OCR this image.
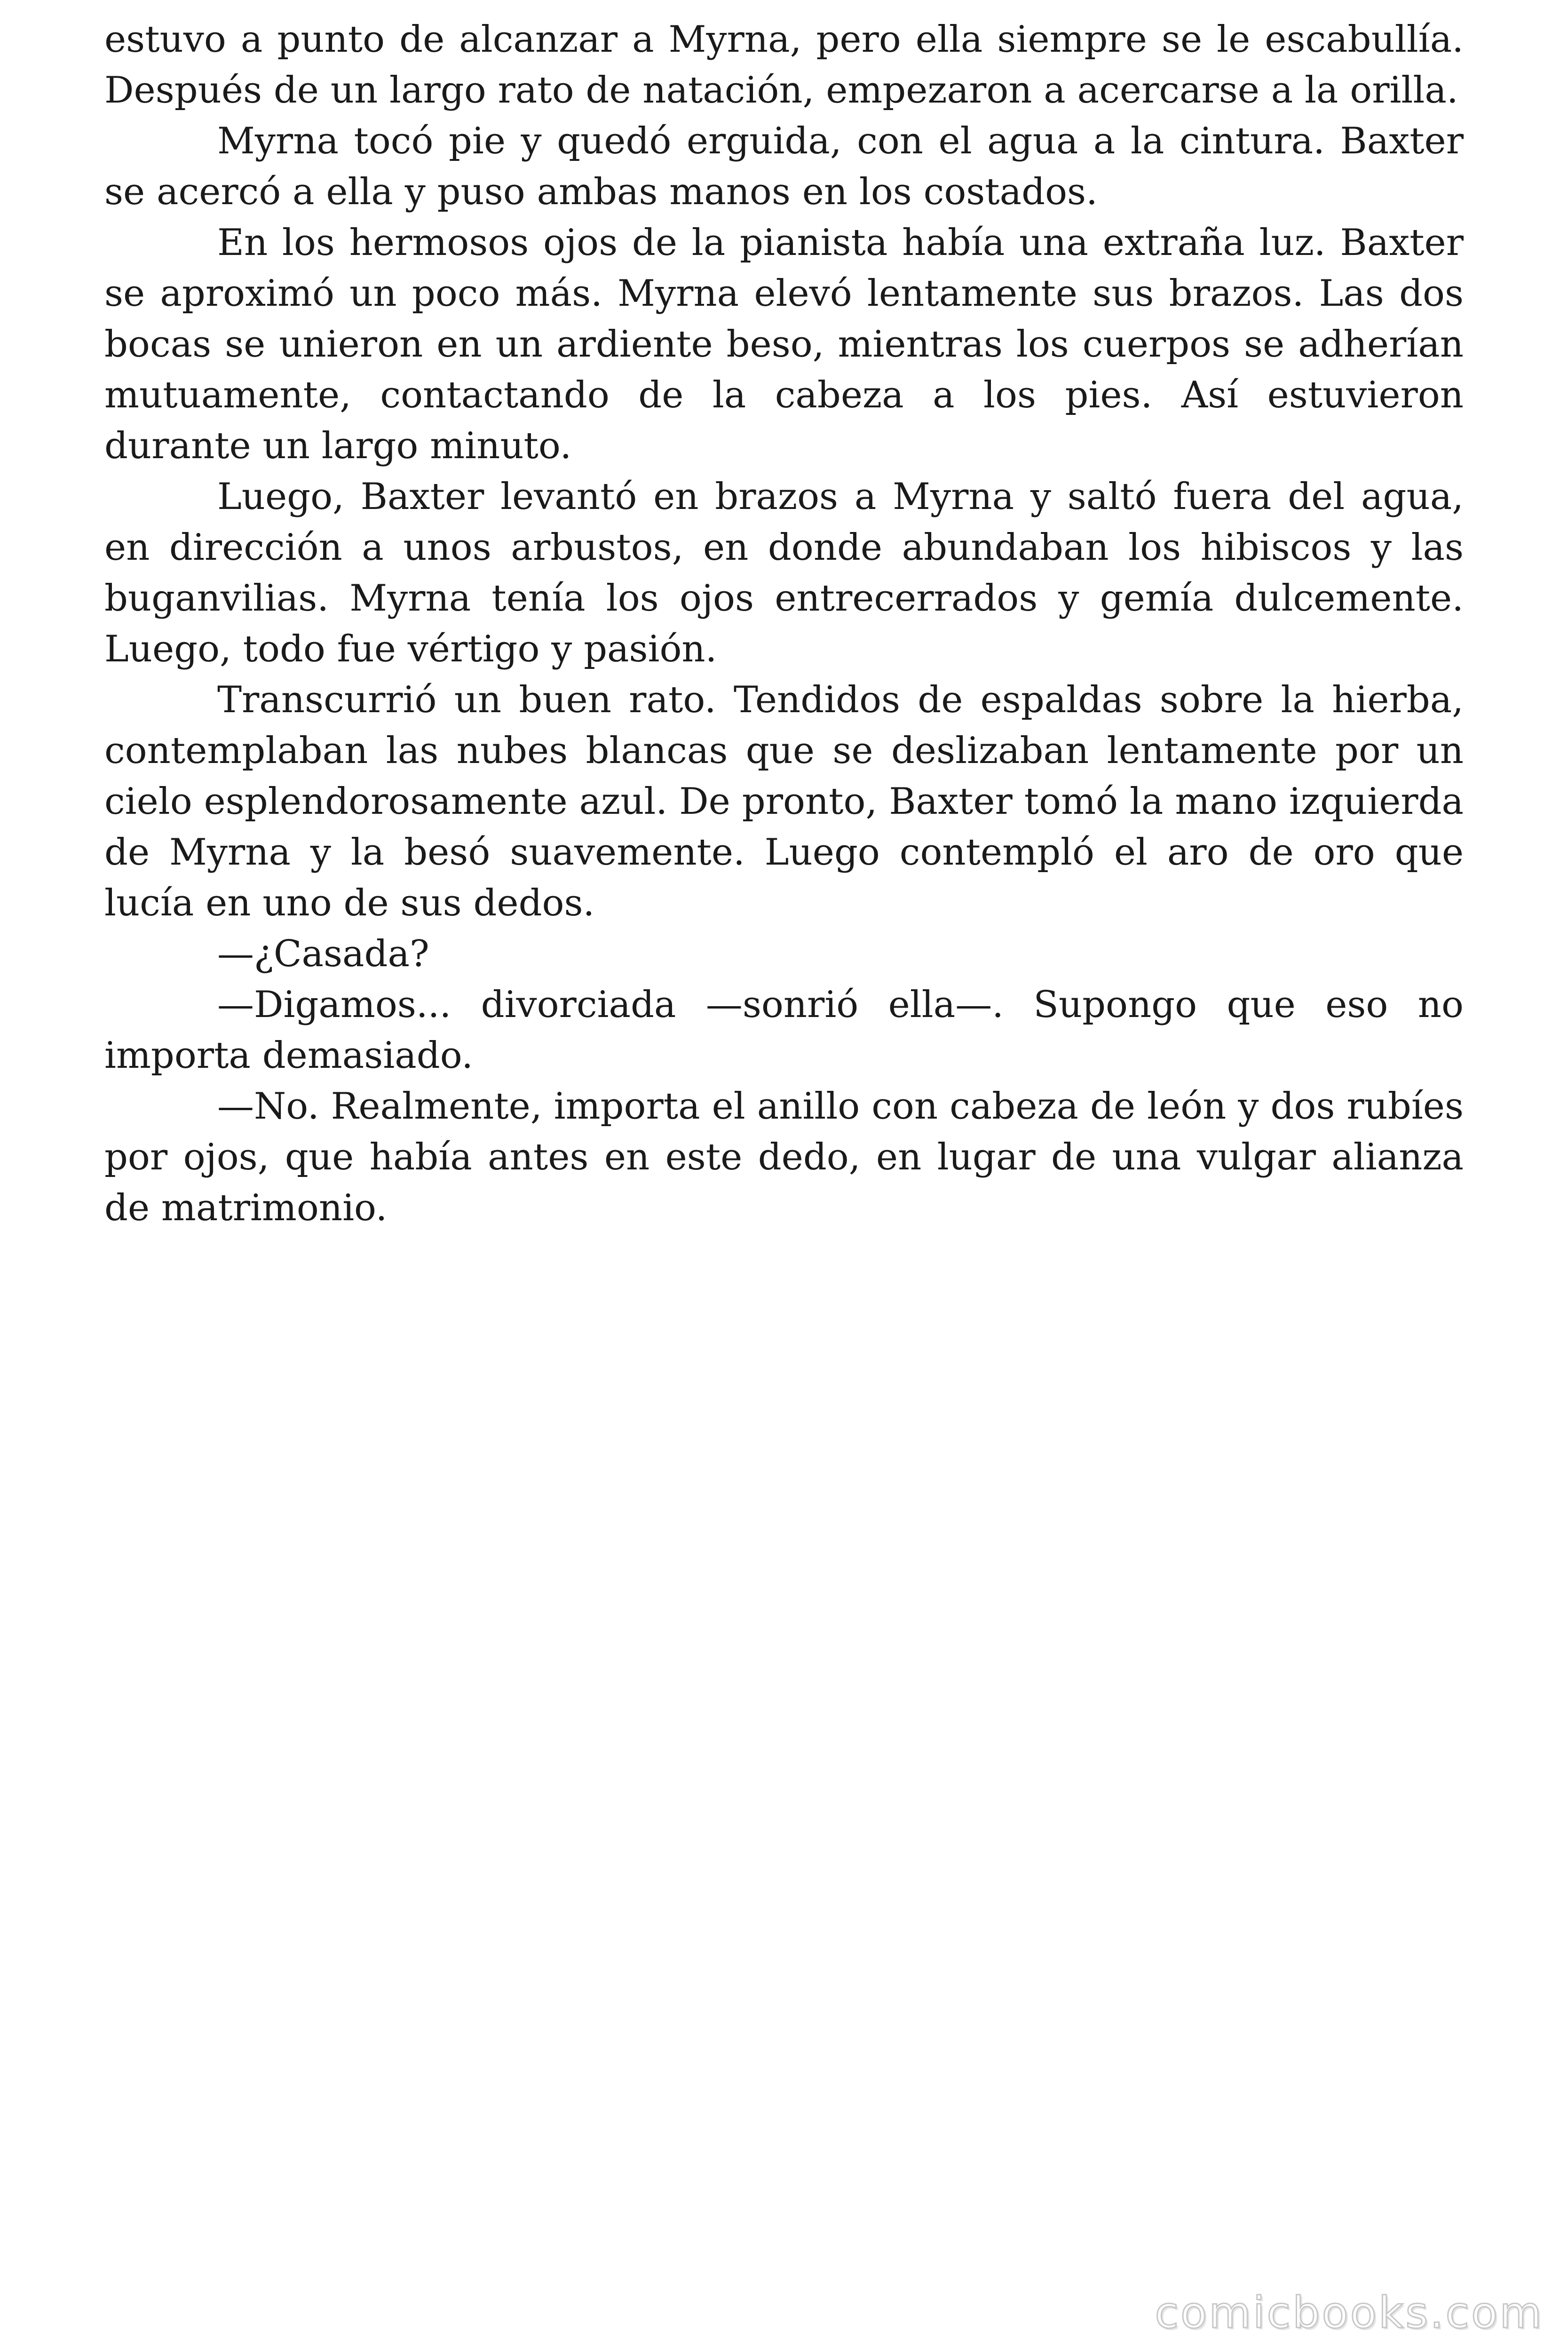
estuvo a punto de alcanzar a Myrna, pero ella siempre se le escabullía. Después de un largo rato de natación, empezaron a acercarse a la orilla.

Myrna tocó pie y quedó erguida, con el agua a la cintura. Baxter se acercó a ella y puso ambas manos en los costados.

En los hermosos ojos de la pianista había una extraña luz. Baxter se aproximó un poco más. Myrna elevó lentamente sus brazos. Las dos bocas se unieron en un ardiente beso, mientras los cuerpos se adherían mutuamente, contactando de la cabeza a los pies. Así estuvieron durante un largo minuto.

Luego, Baxter levantó en brazos a Myrna y saltó fuera del agua, en dirección a unos arbustos, en donde abundaban los hibiscos y las buganvilias. Myrna tenía los ojos entrecerrados y gemía dulcemente. Luego, todo fue vértigo y pasión.

Transcurrió un buen rato. Tendidos de espaldas sobre la hierba, contemplaban las nubes blancas que se deslizaban lentamente por un cielo esplendorosamente azul. De pronto, Baxter tomó la mano izquierda de Myrna y la besó suavemente. Luego contempló el aro de oro que lucía en uno de sus dedos.

—¿Casada?

—Digamos... divorciada —sonrió ella—. Supongo que eso no importa demasiado.

—No. Realmente, importa el anillo con cabeza de león y dos rubíes por ojos, que había antes en este dedo, en lugar de una vulgar alianza de matrimonio.

comicbooks.com
